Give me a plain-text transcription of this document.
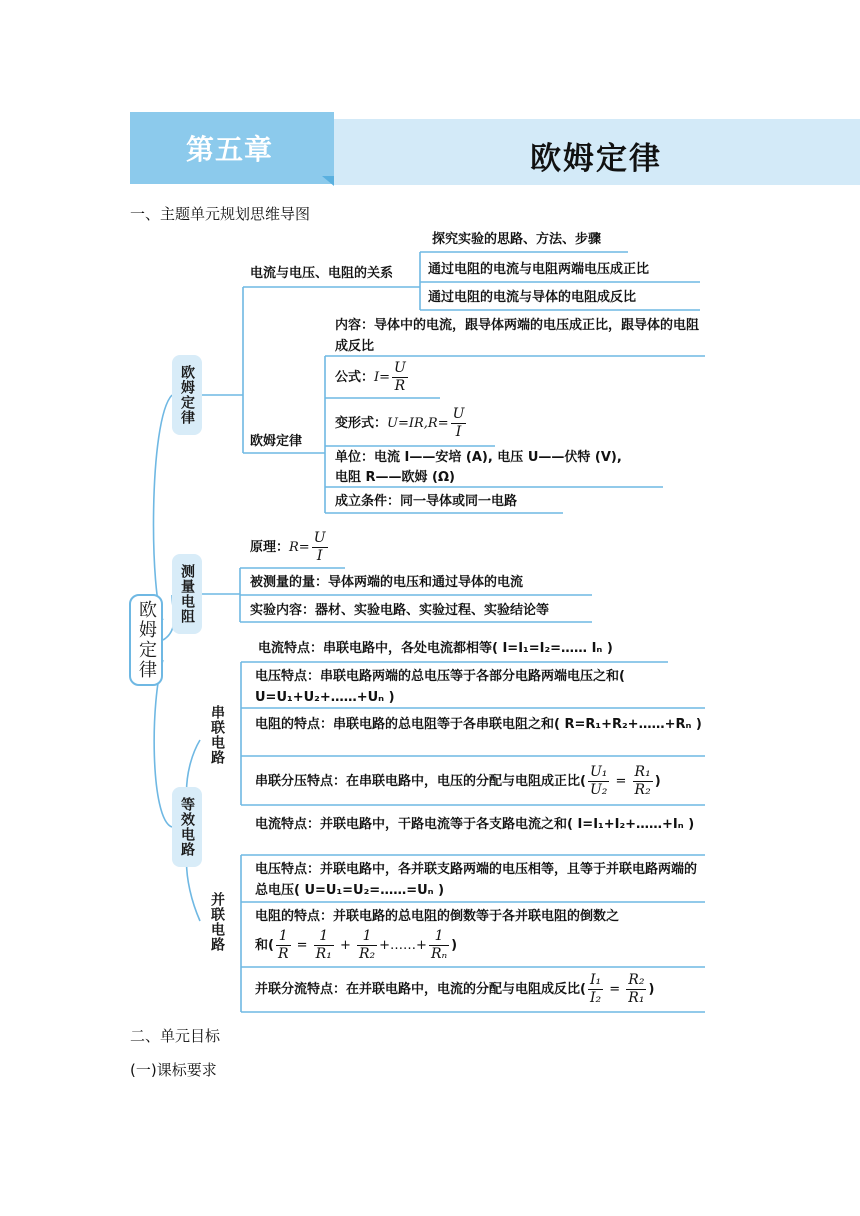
第五章	欧姆定律
一、主题单元规划思维导图
二、单元目标
(一)课标要求
欧姆定律
欧姆定律
测量电阻
等效电路
电流与电压、电阻的关系
探究实验的思路、方法、步骤
通过电阻的电流与电阻两端电压成正比
通过电阻的电流与导体的电阻成反比
欧姆定律
内容：导体中的电流，跟导体两端的电压成正比，跟导体的电阻成反比
公式：$I= \frac{U}{R}$
变形式：$U=IR,R= \frac{U}{I}$
单位：电流 I——安培 (A), 电压 U——伏特 (V),
电阻 R——欧姆 (Ω)
成立条件：同一导体或同一电路
原理：$R= \frac{U}{I}$
被测量的量：导体两端的电压和通过导体的电流
实验内容：器材、实验电路、实验过程、实验结论等
串联电路
并联电路
电流特点：串联电路中，各处电流都相等( I=I₁=I₂=…… Iₙ )
电压特点：串联电路两端的总电压等于各部分电路两端电压之和( U=U₁+U₂+……+Uₙ )
电阻的特点：串联电路的总电阻等于各串联电阻之和( R=R₁+R₂+……+Rₙ )
串联分压特点：在串联电路中，电压的分配与电阻成正比( $\frac{\text{U₁}}{\text{U₂}} = \frac{\text{R₁}}{\text{R₂}}$ )
电流特点：并联电路中，干路电流等于各支路电流之和( I=I₁+I₂+……+Iₙ )
电压特点：并联电路中，各并联支路两端的电压相等，且等于并联电路两端的总电压( U=U₁=U₂=……=Uₙ )
电阻的特点：并联电路的总电阻的倒数等于各并联电阻的倒数之
和( $\frac{1}{R} = \frac{1}{\text{R₁}} + \frac{1}{\text{R₂}}$ +……+ $\frac{1}{\text{Rₙ}}$ )
并联分流特点：在并联电路中，电流的分配与电阻成反比( $\frac{\text{I₁}}{\text{I₂}} = \frac{\text{R₂}}{\text{R₁}}$ )
